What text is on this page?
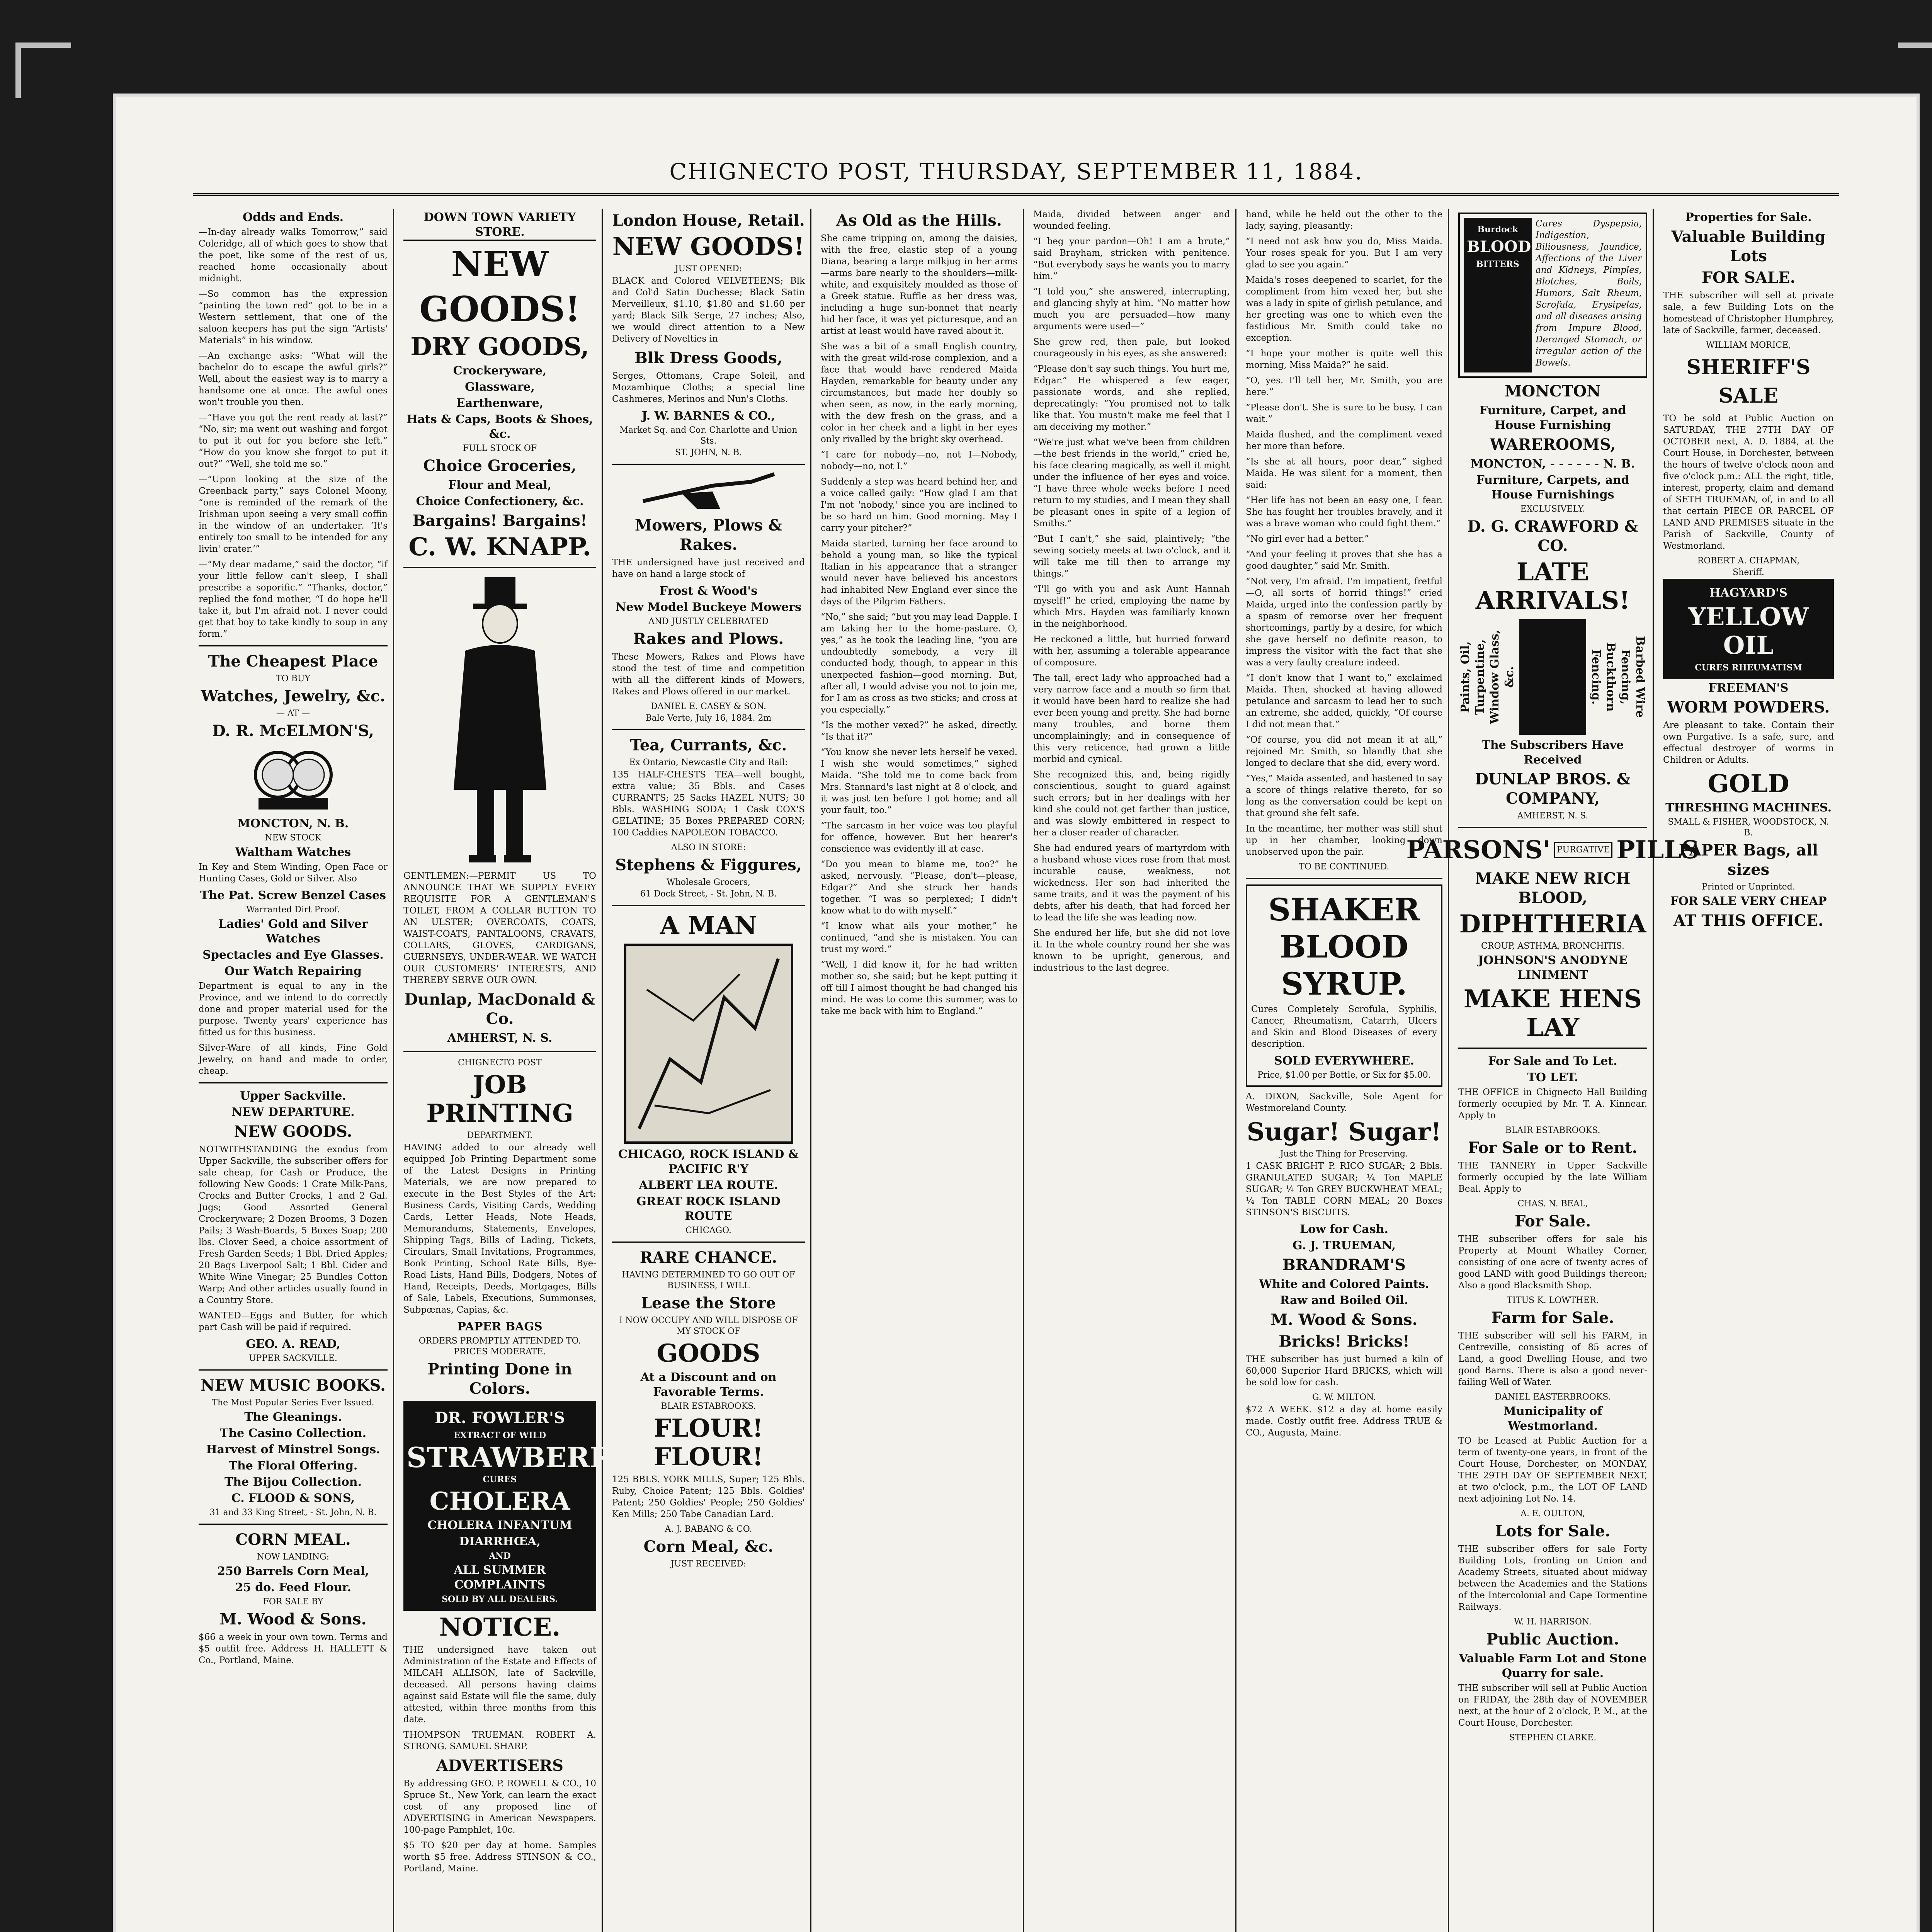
CHIGNECTO POST, THURSDAY, SEPTEMBER 11, 1884.
Odds and Ends.

—In-day already walks Tomorrow,” said Coleridge, all of which goes to show that the poet, like some of the rest of us, reached home occasionally about midnight.

—So common has the expression “painting the town red” got to be in a Western settlement, that one of the saloon keepers has put the sign “Artists' Materials” in his window.

—An exchange asks: “What will the bachelor do to escape the awful girls?” Well, about the easiest way is to marry a handsome one at once. The awful ones won't trouble you then.

—“Have you got the rent ready at last?” “No, sir; ma went out washing and forgot to put it out for you before she left.” “How do you know she forgot to put it out?” “Well, she told me so.”

—“Upon looking at the size of the Greenback party,” says Colonel Moony, “one is reminded of the remark of the Irishman upon seeing a very small coffin in the window of an undertaker. ‘It's entirely too small to be intended for any livin' crater.’”

—“My dear madame,” said the doctor, “if your little fellow can't sleep, I shall prescribe a soporific.” “Thanks, doctor,” replied the fond mother, “I do hope he'll take it, but I'm afraid not. I never could get that boy to take kindly to soup in any form.”

The Cheapest Place
TO BUY
Watches, Jewelry, &c.
— AT —
D. R. McELMON'S,
MONCTON, N. B.
NEW STOCK
Waltham Watches

In Key and Stem Winding, Open Face or Hunting Cases, Gold or Silver. Also

The Pat. Screw Benzel Cases
Warranted Dirt Proof.
Ladies' Gold and Silver Watches
Spectacles and Eye Glasses.
Our Watch Repairing

Department is equal to any in the Province, and we intend to do correctly done and proper material used for the purpose. Twenty years' experience has fitted us for this business.

Silver-Ware of all kinds, Fine Gold Jewelry, on hand and made to order, cheap.

Upper Sackville.
NEW DEPARTURE.
NEW GOODS.

NOTWITHSTANDING the exodus from Upper Sackville, the subscriber offers for sale cheap, for Cash or Produce, the following New Goods: 1 Crate Milk-Pans, Crocks and Butter Crocks, 1 and 2 Gal. Jugs; Good Assorted General Crockeryware; 2 Dozen Brooms, 3 Dozen Pails; 3 Wash-Boards, 5 Boxes Soap; 200 lbs. Clover Seed, a choice assortment of Fresh Garden Seeds; 1 Bbl. Dried Apples; 20 Bags Liverpool Salt; 1 Bbl. Cider and White Wine Vinegar; 25 Bundles Cotton Warp; And other articles usually found in a Country Store.

WANTED—Eggs and Butter, for which part Cash will be paid if required.

GEO. A. READ,
UPPER SACKVILLE.
NEW MUSIC BOOKS.
The Most Popular Series Ever Issued.
The Gleanings.
The Casino Collection.
Harvest of Minstrel Songs.
The Floral Offering.
The Bijou Collection.
C. FLOOD & SONS,
31 and 33 King Street, - St. John, N. B.
CORN MEAL.
NOW LANDING:
250 Barrels Corn Meal,
25 do. Feed Flour.
FOR SALE BY
M. Wood & Sons.

$66 a week in your own town. Terms and $5 outfit free. Address H. HALLETT & Co., Portland, Maine.

DOWN TOWN VARIETY STORE.
NEW
GOODS!
DRY GOODS,
Crockeryware,
Glassware,
Earthenware,
Hats & Caps, Boots & Shoes, &c.
FULL STOCK OF
Choice Groceries,
Flour and Meal,
Choice Confectionery, &c.
Bargains! Bargains!
C. W. KNAPP.

GENTLEMEN:—PERMIT US TO ANNOUNCE THAT WE SUPPLY EVERY REQUISITE FOR A GENTLEMAN'S TOILET, FROM A COLLAR BUTTON TO AN ULSTER; OVERCOATS, COATS, WAIST-COATS, PANTALOONS, CRAVATS, COLLARS, GLOVES, CARDIGANS, GUERNSEYS, UNDER-WEAR. WE WATCH OUR CUSTOMERS' INTERESTS, AND THEREBY SERVE OUR OWN.

Dunlap, MacDonald & Co.
AMHERST, N. S.
CHIGNECTO POST
JOB PRINTING
DEPARTMENT.

HAVING added to our already well equipped Job Printing Department some of the Latest Designs in Printing Materials, we are now prepared to execute in the Best Styles of the Art: Business Cards, Visiting Cards, Wedding Cards, Letter Heads, Note Heads, Memorandums, Statements, Envelopes, Shipping Tags, Bills of Lading, Tickets, Circulars, Small Invitations, Programmes, Book Printing, School Rate Bills, Bye-Road Lists, Hand Bills, Dodgers, Notes of Hand, Receipts, Deeds, Mortgages, Bills of Sale, Labels, Executions, Summonses, Subpœnas, Capias, &c.

PAPER BAGS
ORDERS PROMPTLY ATTENDED TO. PRICES MODERATE.
Printing Done in Colors.
DR. FOWLER'S
EXTRACT OF WILD
STRAWBERRY
CURES
CHOLERA
CHOLERA INFANTUM
DIARRHŒA,
AND
ALL SUMMER COMPLAINTS
SOLD BY ALL DEALERS.
NOTICE.

THE undersigned have taken out Administration of the Estate and Effects of MILCAH ALLISON, late of Sackville, deceased. All persons having claims against said Estate will file the same, duly attested, within three months from this date.

THOMPSON TRUEMAN. ROBERT A. STRONG. SAMUEL SHARP.

ADVERTISERS

By addressing GEO. P. ROWELL & CO., 10 Spruce St., New York, can learn the exact cost of any proposed line of ADVERTISING in American Newspapers. 100-page Pamphlet, 10c.

$5 TO $20 per day at home. Samples worth $5 free. Address STINSON & CO., Portland, Maine.

London House, Retail.
NEW GOODS!
JUST OPENED:

BLACK and Colored VELVETEENS; Blk and Col'd Satin Duchesse; Black Satin Merveilleux, $1.10, $1.80 and $1.60 per yard; Black Silk Serge, 27 inches; Also, we would direct attention to a New Delivery of Novelties in

Blk Dress Goods,

Serges, Ottomans, Crape Soleil, and Mozambique Cloths; a special line Cashmeres, Merinos and Nun's Cloths.

J. W. BARNES & CO.,
Market Sq. and Cor. Charlotte and Union Sts.
ST. JOHN, N. B.
Mowers, Plows & Rakes.

THE undersigned have just received and have on hand a large stock of

Frost & Wood's
New Model Buckeye Mowers
AND JUSTLY CELEBRATED
Rakes and Plows.

These Mowers, Rakes and Plows have stood the test of time and competition with all the different kinds of Mowers, Rakes and Plows offered in our market.

DANIEL E. CASEY & SON.
Bale Verte, July 16, 1884. 2m
Tea, Currants, &c.
Ex Ontario, Newcastle City and Rail:

135 HALF-CHESTS TEA—well bought, extra value; 35 Bbls. and Cases CURRANTS; 25 Sacks HAZEL NUTS; 30 Bbls. WASHING SODA; 1 Cask COX'S GELATINE; 35 Boxes PREPARED CORN; 100 Caddies NAPOLEON TOBACCO.

ALSO IN STORE:
Stephens & Figgures,
Wholesale Grocers,
61 Dock Street, - St. John, N. B.
A MAN
CHICAGO, ROCK ISLAND & PACIFIC R'Y
ALBERT LEA ROUTE.
GREAT ROCK ISLAND ROUTE
CHICAGO.
RARE CHANCE.
HAVING DETERMINED TO GO OUT OF BUSINESS, I WILL
Lease the Store
I NOW OCCUPY AND WILL DISPOSE OF MY STOCK OF
GOODS
At a Discount and on Favorable Terms.
BLAIR ESTABROOKS.
FLOUR! FLOUR!

125 BBLS. YORK MILLS, Super; 125 Bbls. Ruby, Choice Patent; 125 Bbls. Goldies' Patent; 250 Goldies' People; 250 Goldies' Ken Mills; 250 Tabe Canadian Lard.

A. J. BABANG & CO.
Corn Meal, &c.
JUST RECEIVED:
As Old as the Hills.

She came tripping on, among the daisies, with the free, elastic step of a young Diana, bearing a large milkjug in her arms—arms bare nearly to the shoulders—milk-white, and exquisitely moulded as those of a Greek statue. Ruffle as her dress was, including a huge sun-bonnet that nearly hid her face, it was yet picturesque, and an artist at least would have raved about it.

She was a bit of a small English country, with the great wild-rose complexion, and a face that would have rendered Maida Hayden, remarkable for beauty under any circumstances, but made her doubly so when seen, as now, in the early morning, with the dew fresh on the grass, and a color in her cheek and a light in her eyes only rivalled by the bright sky overhead.

“I care for nobody—no, not I—Nobody, nobody—no, not I.”

Suddenly a step was heard behind her, and a voice called gaily: “How glad I am that I'm not 'nobody,' since you are inclined to be so hard on him. Good morning. May I carry your pitcher?”

Maida started, turning her face around to behold a young man, so like the typical Italian in his appearance that a stranger would never have believed his ancestors had inhabited New England ever since the days of the Pilgrim Fathers.

“No,” she said; “but you may lead Dapple. I am taking her to the home-pasture. O, yes,” as he took the leading line, “you are undoubtedly somebody, a very ill conducted body, though, to appear in this unexpected fashion—good morning. But, after all, I would advise you not to join me, for I am as cross as two sticks; and cross at you especially.”

“Is the mother vexed?” he asked, directly. “Is that it?”

“You know she never lets herself be vexed. I wish she would sometimes,” sighed Maida. “She told me to come back from Mrs. Stannard's last night at 8 o'clock, and it was just ten before I got home; and all your fault, too.”

“The sarcasm in her voice was too playful for offence, however. But her hearer's conscience was evidently ill at ease.

“Do you mean to blame me, too?” he asked, nervously. “Please, don't—please, Edgar?” And she struck her hands together. “I was so perplexed; I didn't know what to do with myself.”

“I know what ails your mother,” he continued, “and she is mistaken. You can trust my word.”

“Well, I did know it, for he had written mother so, she said; but he kept putting it off till I almost thought he had changed his mind. He was to come this summer, was to take me back with him to England.”

Maida, divided between anger and wounded feeling.

“I beg your pardon—Oh! I am a brute,” said Brayham, stricken with penitence. “But everybody says he wants you to marry him.”

“I told you,” she answered, interrupting, and glancing shyly at him. “No matter how much you are persuaded—how many arguments were used—”

She grew red, then pale, but looked courageously in his eyes, as she answered:

“Please don't say such things. You hurt me, Edgar.” He whispered a few eager, passionate words, and she replied, deprecatingly: “You promised not to talk like that. You mustn't make me feel that I am deceiving my mother.”

“We're just what we've been from children—the best friends in the world,” cried he, his face clearing magically, as well it might under the influence of her eyes and voice. “I have three whole weeks before I need return to my studies, and I mean they shall be pleasant ones in spite of a legion of Smiths.”

“But I can't,” she said, plaintively; “the sewing society meets at two o'clock, and it will take me till then to arrange my things.”

“I'll go with you and ask Aunt Hannah myself!” he cried, employing the name by which Mrs. Hayden was familiarly known in the neighborhood.

He reckoned a little, but hurried forward with her, assuming a tolerable appearance of composure.

The tall, erect lady who approached had a very narrow face and a mouth so firm that it would have been hard to realize she had ever been young and pretty. She had borne many troubles, and borne them uncomplainingly; and in consequence of this very reticence, had grown a little morbid and cynical.

She recognized this, and, being rigidly conscientious, sought to guard against such errors; but in her dealings with her kind she could not get farther than justice, and was slowly embittered in respect to her a closer reader of character.

She had endured years of martyrdom with a husband whose vices rose from that most incurable cause, weakness, not wickedness. Her son had inherited the same traits, and it was the payment of his debts, after his death, that had forced her to lead the life she was leading now.

She endured her life, but she did not love it. In the whole country round her she was known to be upright, generous, and industrious to the last degree.

hand, while he held out the other to the lady, saying, pleasantly:

“I need not ask how you do, Miss Maida. Your roses speak for you. But I am very glad to see you again.”

Maida's roses deepened to scarlet, for the compliment from him vexed her, but she was a lady in spite of girlish petulance, and her greeting was one to which even the fastidious Mr. Smith could take no exception.

“I hope your mother is quite well this morning, Miss Maida?” he said.

“O, yes. I'll tell her, Mr. Smith, you are here.”

“Please don't. She is sure to be busy. I can wait.”

Maida flushed, and the compliment vexed her more than before.

“Is she at all hours, poor dear,” sighed Maida. He was silent for a moment, then said:

“Her life has not been an easy one, I fear. She has fought her troubles bravely, and it was a brave woman who could fight them.”

“No girl ever had a better.”

“And your feeling it proves that she has a good daughter,” said Mr. Smith.

“Not very, I'm afraid. I'm impatient, fretful—O, all sorts of horrid things!” cried Maida, urged into the confession partly by a spasm of remorse over her frequent shortcomings, partly by a desire, for which she gave herself no definite reason, to impress the visitor with the fact that she was a very faulty creature indeed.

“I don't know that I want to,” exclaimed Maida. Then, shocked at having allowed petulance and sarcasm to lead her to such an extreme, she added, quickly, “Of course I did not mean that.”

“Of course, you did not mean it at all,” rejoined Mr. Smith, so blandly that she longed to declare that she did, every word.

“Yes,” Maida assented, and hastened to say a score of things relative thereto, for so long as the conversation could be kept on that ground she felt safe.

In the meantime, her mother was still shut up in her chamber, looking down unobserved upon the pair.

TO BE CONTINUED.
SHAKER
BLOOD
SYRUP.

Cures Completely Scrofula, Syphilis, Cancer, Rheumatism, Catarrh, Ulcers and Skin and Blood Diseases of every description.

SOLD EVERYWHERE.
Price, $1.00 per Bottle, or Six for $5.00.

A. DIXON, Sackville, Sole Agent for Westmoreland County.

Sugar! Sugar!
Just the Thing for Preserving.

1 CASK BRIGHT P. RICO SUGAR; 2 Bbls. GRANULATED SUGAR; ¼ Ton MAPLE SUGAR; ¼ Ton GREY BUCKWHEAT MEAL; ¼ Ton TABLE CORN MEAL; 20 Boxes STINSON'S BISCUITS.

Low for Cash.
G. J. TRUEMAN,
BRANDRAM'S
White and Colored Paints.
Raw and Boiled Oil.
M. Wood & Sons.
Bricks! Bricks!

THE subscriber has just burned a kiln of 60,000 Superior Hard BRICKS, which will be sold low for cash.

G. W. MILTON.

$72 A WEEK. $12 a day at home easily made. Costly outfit free. Address TRUE & CO., Augusta, Maine.

Burdock
BLOOD
BITTERS

Cures Dyspepsia, Indigestion, Biliousness, Jaundice, Affections of the Liver and Kidneys, Pimples, Blotches, Boils, Humors, Salt Rheum, Scrofula, Erysipelas, and all diseases arising from Impure Blood, Deranged Stomach, or irregular action of the Bowels.

MONCTON
Furniture, Carpet, and House Furnishing
WAREROOMS,
MONCTON, - - - - - - N. B.
Furniture, Carpets, and House Furnishings
EXCLUSIVELY.
D. G. CRAWFORD & CO.
LATE ARRIVALS!
Paints, Oil, Turpentine, Window Glass, &c.	Barbed Wire Fencing, Buckthorn Fencing.
The Subscribers Have Received
DUNLAP BROS. & COMPANY,
AMHERST, N. S.
PARSONS' PURGATIVE PILLS
MAKE NEW RICH BLOOD,
DIPHTHERIA
CROUP, ASTHMA, BRONCHITIS.
JOHNSON'S ANODYNE LINIMENT
MAKE HENS LAY
For Sale and To Let.
TO LET.

THE OFFICE in Chignecto Hall Building formerly occupied by Mr. T. A. Kinnear. Apply to

BLAIR ESTABROOKS.
For Sale or to Rent.

THE TANNERY in Upper Sackville formerly occupied by the late William Beal. Apply to

CHAS. N. BEAL,
For Sale.

THE subscriber offers for sale his Property at Mount Whatley Corner, consisting of one acre of twenty acres of good LAND with good Buildings thereon; Also a good Blacksmith Shop.

TITUS K. LOWTHER.
Farm for Sale.

THE subscriber will sell his FARM, in Centreville, consisting of 85 acres of Land, a good Dwelling House, and two good Barns. There is also a good never-failing Well of Water.

DANIEL EASTERBROOKS.
Municipality of Westmorland.

TO be Leased at Public Auction for a term of twenty-one years, in front of the Court House, Dorchester, on MONDAY, THE 29TH DAY OF SEPTEMBER NEXT, at two o'clock, p.m., the LOT OF LAND next adjoining Lot No. 14.

A. E. OULTON,
Lots for Sale.

THE subscriber offers for sale Forty Building Lots, fronting on Union and Academy Streets, situated about midway between the Academies and the Stations of the Intercolonial and Cape Tormentine Railways.

W. H. HARRISON.
Public Auction.
Valuable Farm Lot and Stone Quarry for sale.

THE subscriber will sell at Public Auction on FRIDAY, the 28th day of NOVEMBER next, at the hour of 2 o'clock, P. M., at the Court House, Dorchester.

STEPHEN CLARKE.
Properties for Sale.
Valuable Building Lots
FOR SALE.

THE subscriber will sell at private sale, a few Building Lots on the homestead of Christopher Humphrey, late of Sackville, farmer, deceased.

WILLIAM MORICE,
SHERIFF'S SALE

TO be sold at Public Auction on SATURDAY, THE 27TH DAY OF OCTOBER next, A. D. 1884, at the Court House, in Dorchester, between the hours of twelve o'clock noon and five o'clock p.m.: ALL the right, title, interest, property, claim and demand of SETH TRUEMAN, of, in and to all that certain PIECE OR PARCEL OF LAND AND PREMISES situate in the Parish of Sackville, County of Westmorland.

ROBERT A. CHAPMAN,
Sheriff.
HAGYARD'S
YELLOW OIL
CURES RHEUMATISM
FREEMAN'S
WORM POWDERS.

Are pleasant to take. Contain their own Purgative. Is a safe, sure, and effectual destroyer of worms in Children or Adults.

GOLD
THRESHING MACHINES.
SMALL & FISHER, WOODSTOCK, N. B.
PAPER Bags, all sizes
Printed or Unprinted.
FOR SALE VERY CHEAP
AT THIS OFFICE.
